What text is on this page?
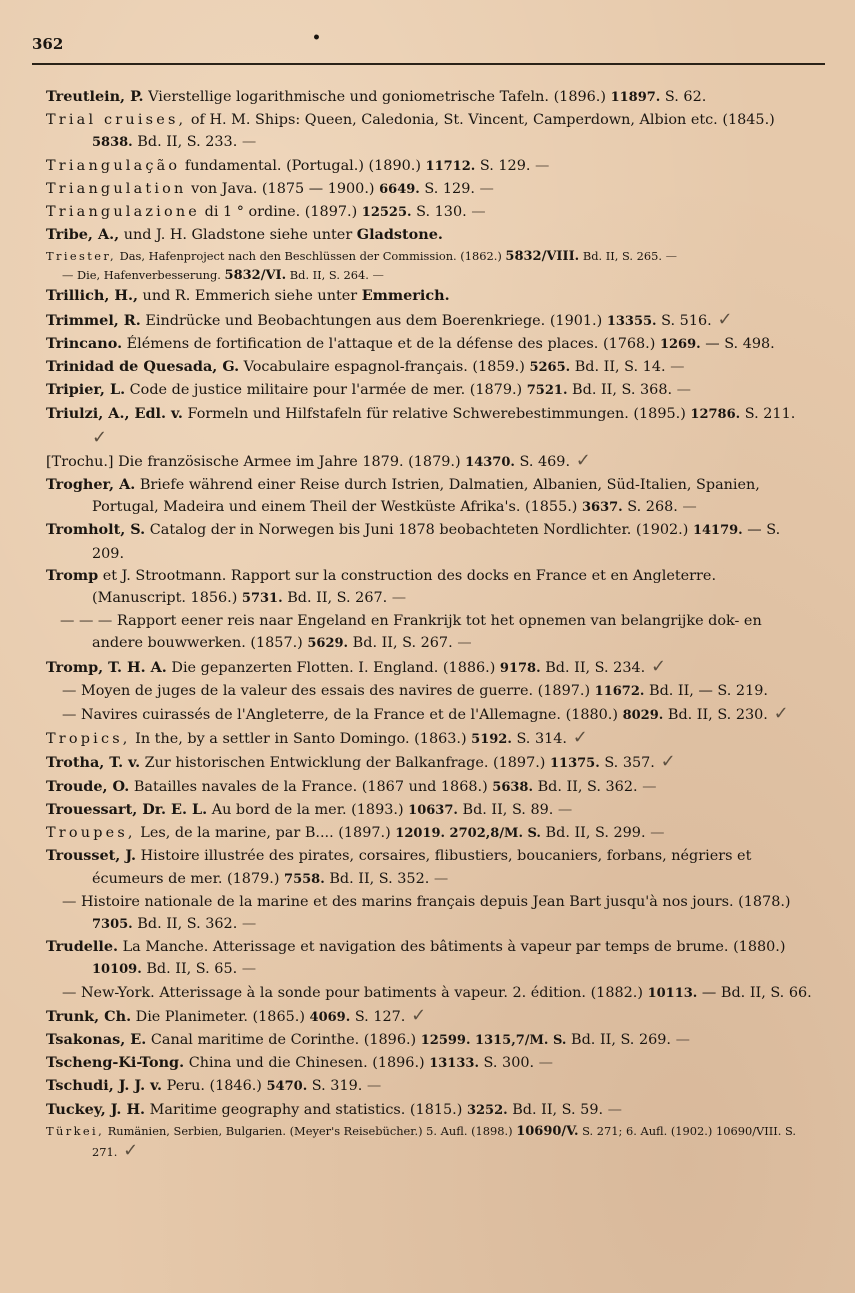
362	•

Treutlein, P. Vierstellige logarithmische und goniometrische Tafeln. (1896.) 11897. S. 62.

Trial cruises, of H. M. Ships: Queen, Caledonia, St. Vincent, Camperdown, Albion etc. (1845.) 5838. Bd. II, S. 233. —

Triangulação fundamental. (Portugal.) (1890.) 11712. S. 129. —

Triangulation von Java. (1875 — 1900.) 6649. S. 129. —

Triangulazione di 1 ° ordine. (1897.) 12525. S. 130. —

Tribe, A., und J. H. Gladstone siehe unter Gladstone.

Triester, Das, Hafenproject nach den Beschlüssen der Commission. (1862.) 5832/VIII. Bd. II, S. 265. —

— Die, Hafenverbesserung. 5832/VI. Bd. II, S. 264. —

Trillich, H., und R. Emmerich siehe unter Emmerich.

Trimmel, R. Eindrücke und Beobachtungen aus dem Boerenkriege. (1901.) 13355. S. 516. ✓

Trincano. Élémens de fortification de l'attaque et de la défense des places. (1768.) 1269. — S. 498.

Trinidad de Quesada, G. Vocabulaire espagnol-français. (1859.) 5265. Bd. II, S. 14. —

Tripier, L. Code de justice militaire pour l'armée de mer. (1879.) 7521. Bd. II, S. 368. —

Triulzi, A., Edl. v. Formeln und Hilfstafeln für relative Schwerebestimmungen. (1895.) 12786. S. 211. ✓

[Trochu.] Die französische Armee im Jahre 1879. (1879.) 14370. S. 469. ✓

Trogher, A. Briefe während einer Reise durch Istrien, Dalmatien, Albanien, Süd-Italien, Spanien, Portugal, Madeira und einem Theil der Westküste Afrika's. (1855.) 3637. S. 268. —

Tromholt, S. Catalog der in Norwegen bis Juni 1878 beobachteten Nordlichter. (1902.) 14179. — S. 209.

Tromp et J. Strootmann. Rapport sur la construction des docks en France et en Angleterre. (Manuscript. 1856.) 5731. Bd. II, S. 267. —

— — — Rapport eener reis naar Engeland en Frankrijk tot het opnemen van belangrijke dok- en andere bouwwerken. (1857.) 5629. Bd. II, S. 267. —

Tromp, T. H. A. Die gepanzerten Flotten. I. England. (1886.) 9178. Bd. II, S. 234. ✓

— Moyen de juges de la valeur des essais des navires de guerre. (1897.) 11672. Bd. II, — S. 219.

— Navires cuirassés de l'Angleterre, de la France et de l'Allemagne. (1880.) 8029. Bd. II, S. 230. ✓

Tropics, In the, by a settler in Santo Domingo. (1863.) 5192. S. 314. ✓

Trotha, T. v. Zur historischen Entwicklung der Balkanfrage. (1897.) 11375. S. 357. ✓

Troude, O. Batailles navales de la France. (1867 und 1868.) 5638. Bd. II, S. 362. —

Trouessart, Dr. E. L. Au bord de la mer. (1893.) 10637. Bd. II, S. 89. —

Troupes, Les, de la marine, par B.... (1897.) 12019. 2702,8/M. S. Bd. II, S. 299. —

Trousset, J. Histoire illustrée des pirates, corsaires, flibustiers, boucaniers, forbans, négriers et écumeurs de mer. (1879.) 7558. Bd. II, S. 352. —

— Histoire nationale de la marine et des marins français depuis Jean Bart jusqu'à nos jours. (1878.) 7305. Bd. II, S. 362. —

Trudelle. La Manche. Atterissage et navigation des bâtiments à vapeur par temps de brume. (1880.) 10109. Bd. II, S. 65. —

— New-York. Atterissage à la sonde pour batiments à vapeur. 2. édition. (1882.) 10113. — Bd. II, S. 66.

Trunk, Ch. Die Planimeter. (1865.) 4069. S. 127. ✓

Tsakonas, E. Canal maritime de Corinthe. (1896.) 12599. 1315,7/M. S. Bd. II, S. 269. —

Tscheng-Ki-Tong. China und die Chinesen. (1896.) 13133. S. 300. —

Tschudi, J. J. v. Peru. (1846.) 5470. S. 319. —

Tuckey, J. H. Maritime geography and statistics. (1815.) 3252. Bd. II, S. 59. —

Türkei, Rumänien, Serbien, Bulgarien. (Meyer's Reisebücher.) 5. Aufl. (1898.) 10690/V. S. 271; 6. Aufl. (1902.) 10690/VIII. S. 271. ✓
